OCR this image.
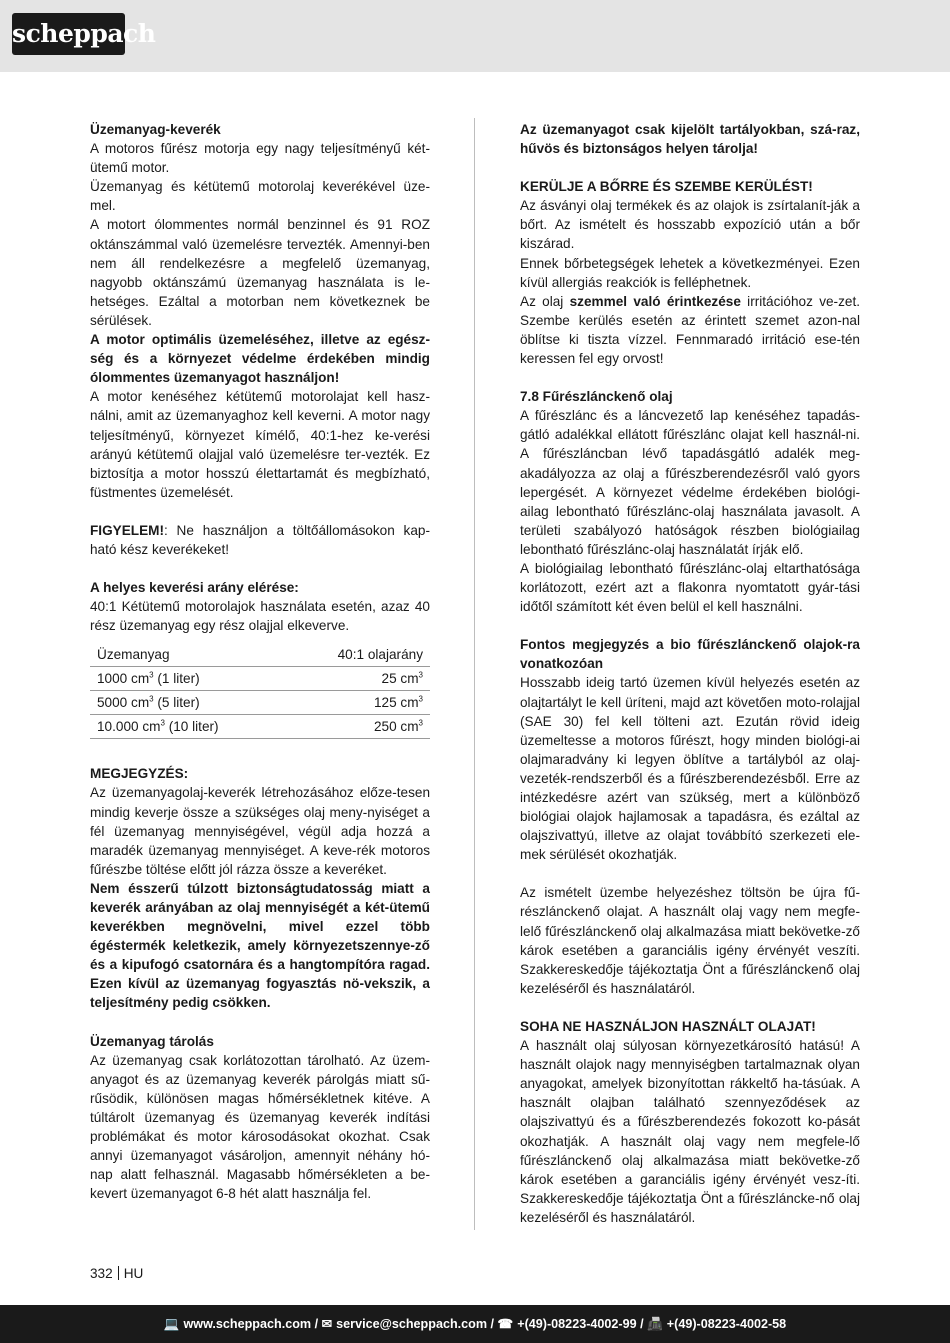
scheppach

Üzemanyag-keverék

A motoros fűrész motorja egy nagy teljesítményű két-ütemű motor.

Üzemanyag és kétütemű motorolaj keverékével üze-mel.

A motort ólommentes normál benzinnel és 91 ROZ oktánszámmal való üzemelésre tervezték. Amennyi-ben nem áll rendelkezésre a megfelelő üzemanyag, nagyobb oktánszámú üzemanyag használata is le-hetséges. Ezáltal a motorban nem következnek be sérülések.

A motor optimális üzemeléséhez, illetve az egész-ség és a környezet védelme érdekében mindig ólommentes üzemanyagot használjon!

A motor kenéséhez kétütemű motorolajat kell hasz-nálni, amit az üzemanyaghoz kell keverni. A motor nagy teljesítményű, környezet kímélő, 40:1-hez ke-verési arányú kétütemű olajjal való üzemelésre ter-vezték. Ez biztosítja a motor hosszú élettartamát és megbízható, füstmentes üzemelését.

FIGYELEM!: Ne használjon a töltőállomásokon kap-ható kész keverékeket!

A helyes keverési arány elérése:

40:1 Kétütemű motorolajok használata esetén, azaz 40 rész üzemanyag egy rész olajjal elkeverve.

Üzemanyag	40:1 olajarány
1000 $cm^3$ (1 liter)	25 $cm^3$
5000 $cm^3$ (5 liter)	125 $cm^3$
10.000 $cm^3$ (10 liter)	250 $cm^3$

MEGJEGYZÉS:

Az üzemanyagolaj-keverék létrehozásához előze-tesen mindig keverje össze a szükséges olaj meny-nyiséget a fél üzemanyag mennyiségével, végül adja hozzá a maradék üzemanyag mennyiséget. A keve-rék motoros fűrészbe töltése előtt jól rázza össze a keveréket.

Nem ésszerű túlzott biztonságtudatosság miatt a keverék arányában az olaj mennyiségét a két-ütemű keverékben megnövelni, mivel ezzel több égéstermék keletkezik, amely környezetszennye-ző és a kipufogó csatornára és a hangtompítóra ragad. Ezen kívül az üzemanyag fogyasztás nö-vekszik, a teljesítmény pedig csökken.

Üzemanyag tárolás

Az üzemanyag csak korlátozottan tárolható. Az üzem-anyagot és az üzemanyag keverék párolgás miatt sű-rűsödik, különösen magas hőmérsékletnek kitéve. A túltárolt üzemanyag és üzemanyag keverék indítási problémákat és motor károsodásokat okozhat. Csak annyi üzemanyagot vásároljon, amennyit néhány hó-nap alatt felhasznál. Magasabb hőmérsékleten a be-kevert üzemanyagot 6-8 hét alatt használja fel.

Az üzemanyagot csak kijelölt tartályokban, szá-raz, hűvös és biztonságos helyen tárolja!

KERÜLJE A BŐRRE ÉS SZEMBE KERÜLÉST!

Az ásványi olaj termékek és az olajok is zsírtalanít-ják a bőrt. Az ismételt és hosszabb expozíció után a bőr kiszárad.

Ennek bőrbetegségek lehetek a következményei. Ezen kívül allergiás reakciók is felléphetnek.

Az olaj szemmel való érintkezése irritációhoz ve-zet. Szembe kerülés esetén az érintett szemet azon-nal öblítse ki tiszta vízzel. Fennmaradó irritáció ese-tén keressen fel egy orvost!

7.8 Fűrészlánckenő olaj

A fűrészlánc és a láncvezető lap kenéséhez tapadás-gátló adalékkal ellátott fűrészlánc olajat kell használ-ni. A fűrészláncban lévő tapadásgátló adalék meg-akadályozza az olaj a fűrészberendezésről való gyors lepergését. A környezet védelme érdekében biológi-ailag lebontható fűrészlánc-olaj használata javasolt. A területi szabályozó hatóságok részben biológiailag lebontható fűrészlánc-olaj használatát írják elő.

A biológiailag lebontható fűrészlánc-olaj eltarthatósága korlátozott, ezért azt a flakonra nyomtatott gyár-tási időtől számított két éven belül el kell használni.

Fontos megjegyzés a bio fűrészlánckenő olajok-ra vonatkozóan

Hosszabb ideig tartó üzemen kívül helyezés esetén az olajtartályt le kell üríteni, majd azt követően moto-rolajjal (SAE 30) fel kell tölteni azt. Ezután rövid ideig üzemeltesse a motoros fűrészt, hogy minden biológi-ai olajmaradvány ki legyen öblítve a tartályból az olaj-vezeték-rendszerből és a fűrészberendezésből. Erre az intézkedésre azért van szükség, mert a különböző biológiai olajok hajlamosak a tapadásra, és ezáltal az olajszivattyú, illetve az olajat továbbító szerkezeti ele-mek sérülését okozhatják.

Az ismételt üzembe helyezéshez töltsön be újra fű-részlánckenő olajat. A használt olaj vagy nem megfe-lelő fűrészlánckenő olaj alkalmazása miatt bekövetke-ző károk esetében a garanciális igény érvényét veszíti. Szakkereskedője tájékoztatja Önt a fűrészlánckenő olaj kezeléséről és használatáról.

SOHA NE HASZNÁLJON HASZNÁLT OLAJAT!

A használt olaj súlyosan környezetkárosító hatású! A használt olajok nagy mennyiségben tartalmaznak olyan anyagokat, amelyek bizonyítottan rákkeltő ha-tásúak. A használt olajban található szennyeződések az olajszivattyú és a fűrészberendezés fokozott ko-pását okozhatják. A használt olaj vagy nem megfele-lő fűrészlánckenő olaj alkalmazása miatt bekövetke-ző károk esetében a garanciális igény érvényét vesz-íti. Szakkereskedője tájékoztatja Önt a fűrészláncke-nő olaj kezeléséről és használatáról.

332 HU
💻 www.scheppach.com / ✉ service@scheppach.com / ☎ +(49)-08223-4002-99 / 📠 +(49)-08223-4002-58
